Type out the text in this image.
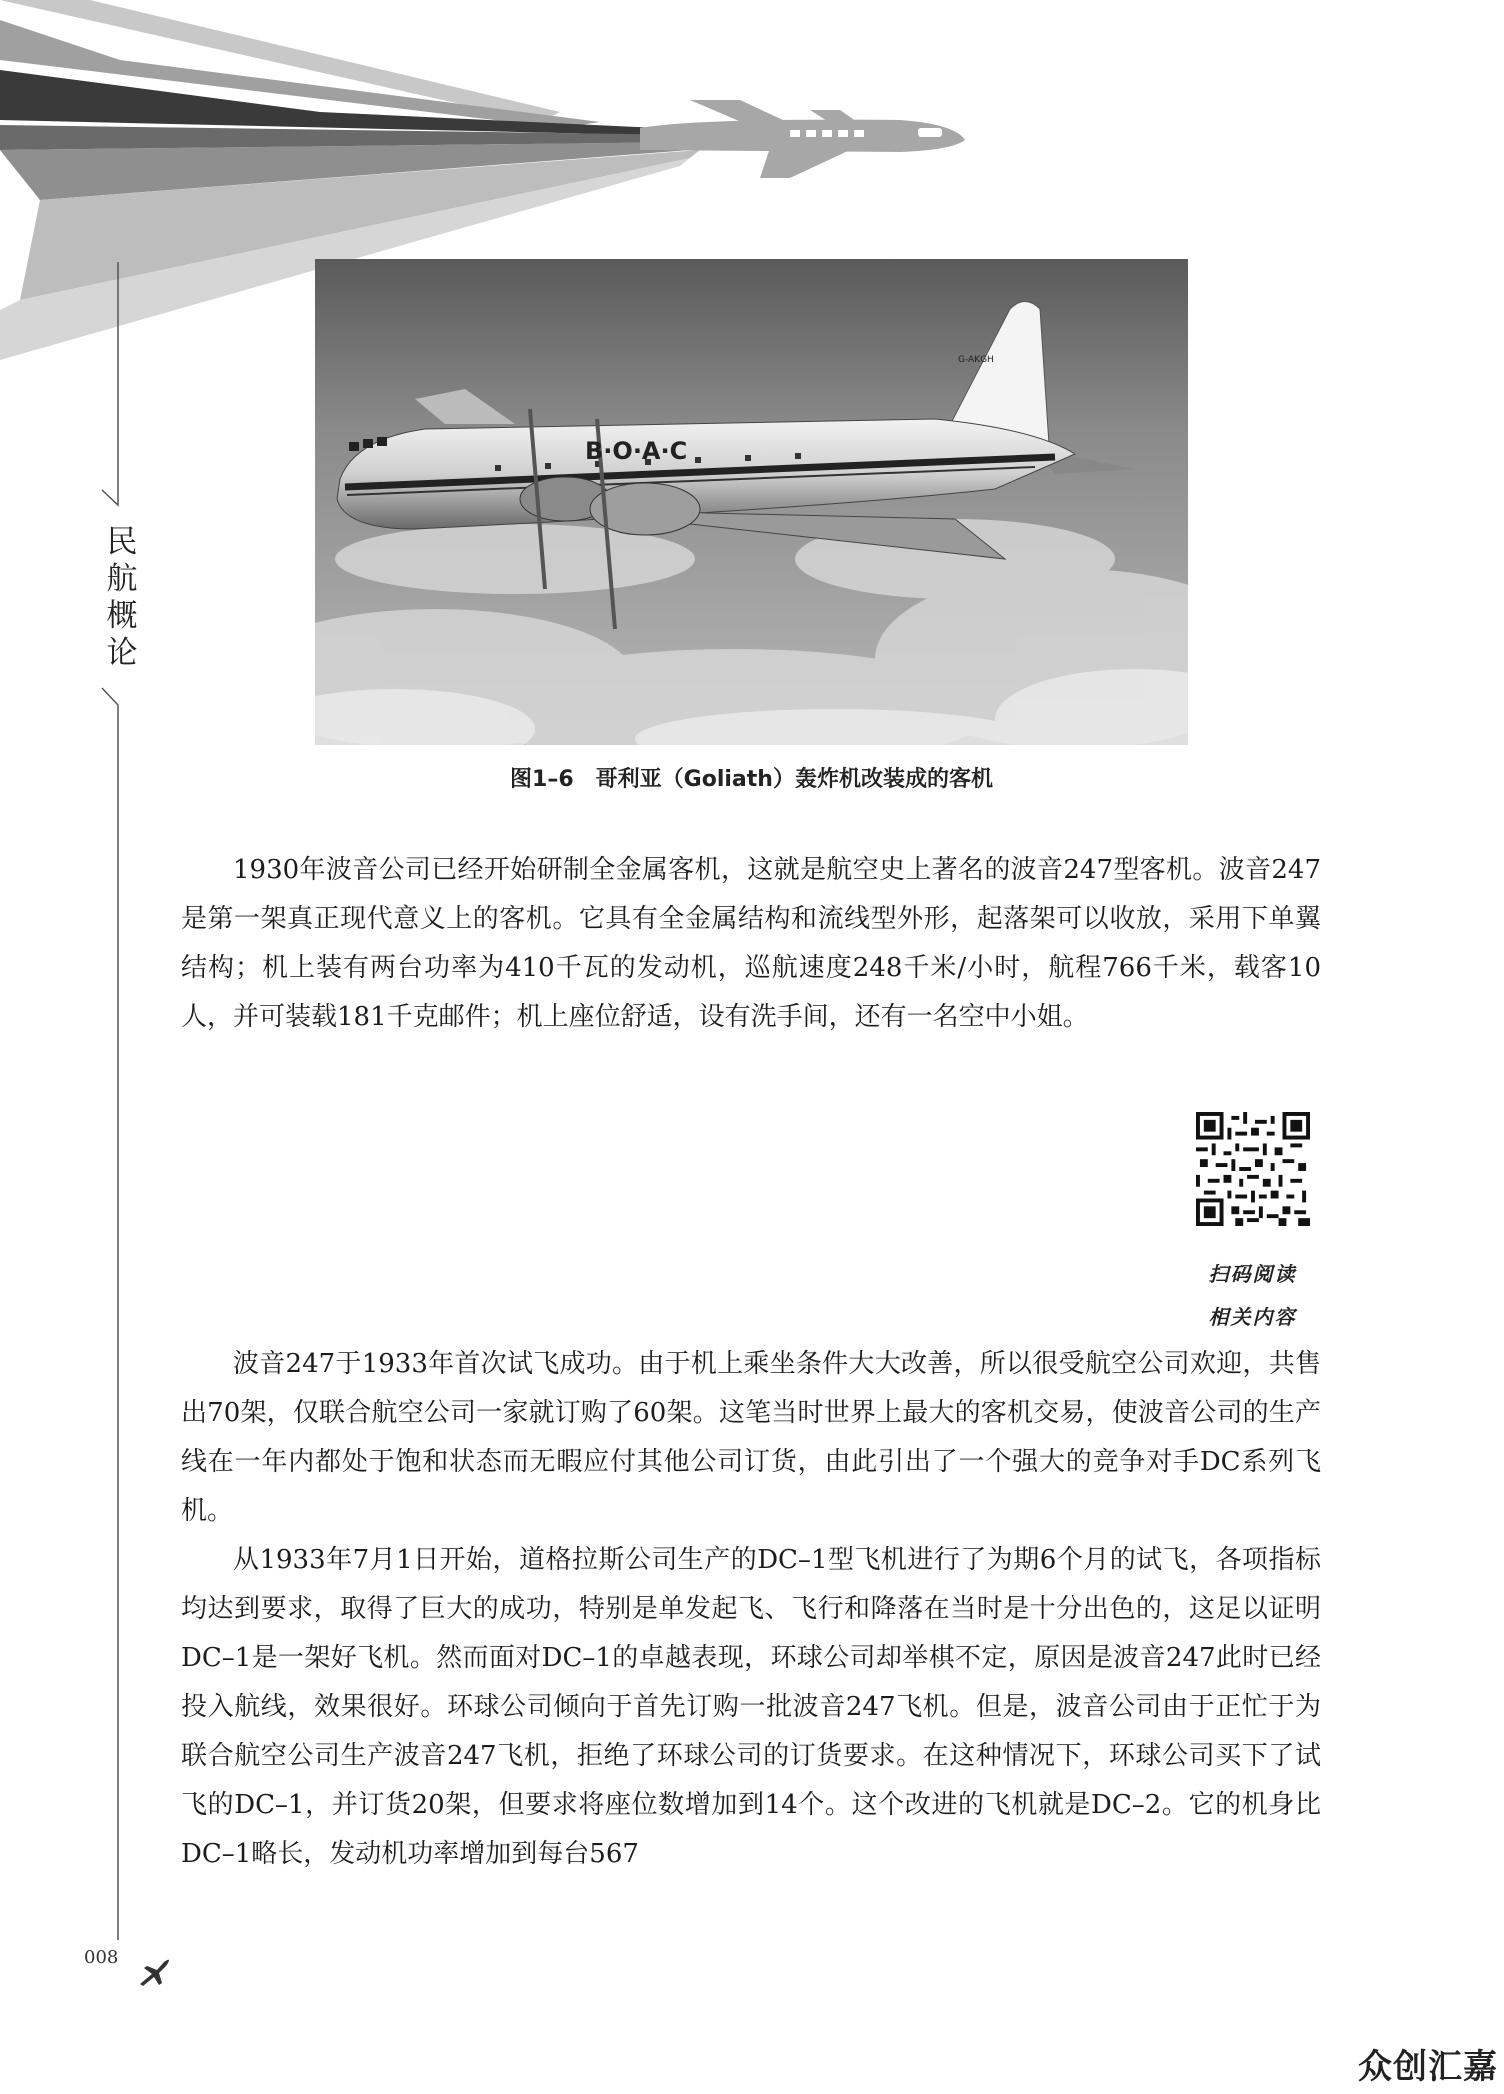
民
航
概
论
B·O·A·C
G-AKGH
图1–6 哥利亚（Goliath）轰炸机改装成的客机

1930年波音公司已经开始研制全金属客机，这就是航空史上著名的波音247型客机。波音247是第一架真正现代意义上的客机。它具有全金属结构和流线型外形，起落架可以收放，采用下单翼结构；机上装有两台功率为410千瓦的发动机，巡航速度248千米/小时，航程766千米，载客10人，并可装载181千克邮件；机上座位舒适，设有洗手间，还有一名空中小姐。

扫码阅读
相关内容

波音247于1933年首次试飞成功。由于机上乘坐条件大大改善，所以很受航空公司欢迎，共售出70架，仅联合航空公司一家就订购了60架。这笔当时世界上最大的客机交易，使波音公司的生产线在一年内都处于饱和状态而无暇应付其他公司订货，由此引出了一个强大的竞争对手DC系列飞机。

从1933年7月1日开始，道格拉斯公司生产的DC–1型飞机进行了为期6个月的试飞，各项指标均达到要求，取得了巨大的成功，特别是单发起飞、飞行和降落在当时是十分出色的，这足以证明DC–1是一架好飞机。然而面对DC–1的卓越表现，环球公司却举棋不定，原因是波音247此时已经投入航线，效果很好。环球公司倾向于首先订购一批波音247飞机。但是，波音公司由于正忙于为联合航空公司生产波音247飞机，拒绝了环球公司的订货要求。在这种情况下，环球公司买下了试飞的DC–1，并订货20架，但要求将座位数增加到14个。这个改进的飞机就是DC–2。它的机身比DC–1略长，发动机功率增加到每台567

008
众创汇嘉
